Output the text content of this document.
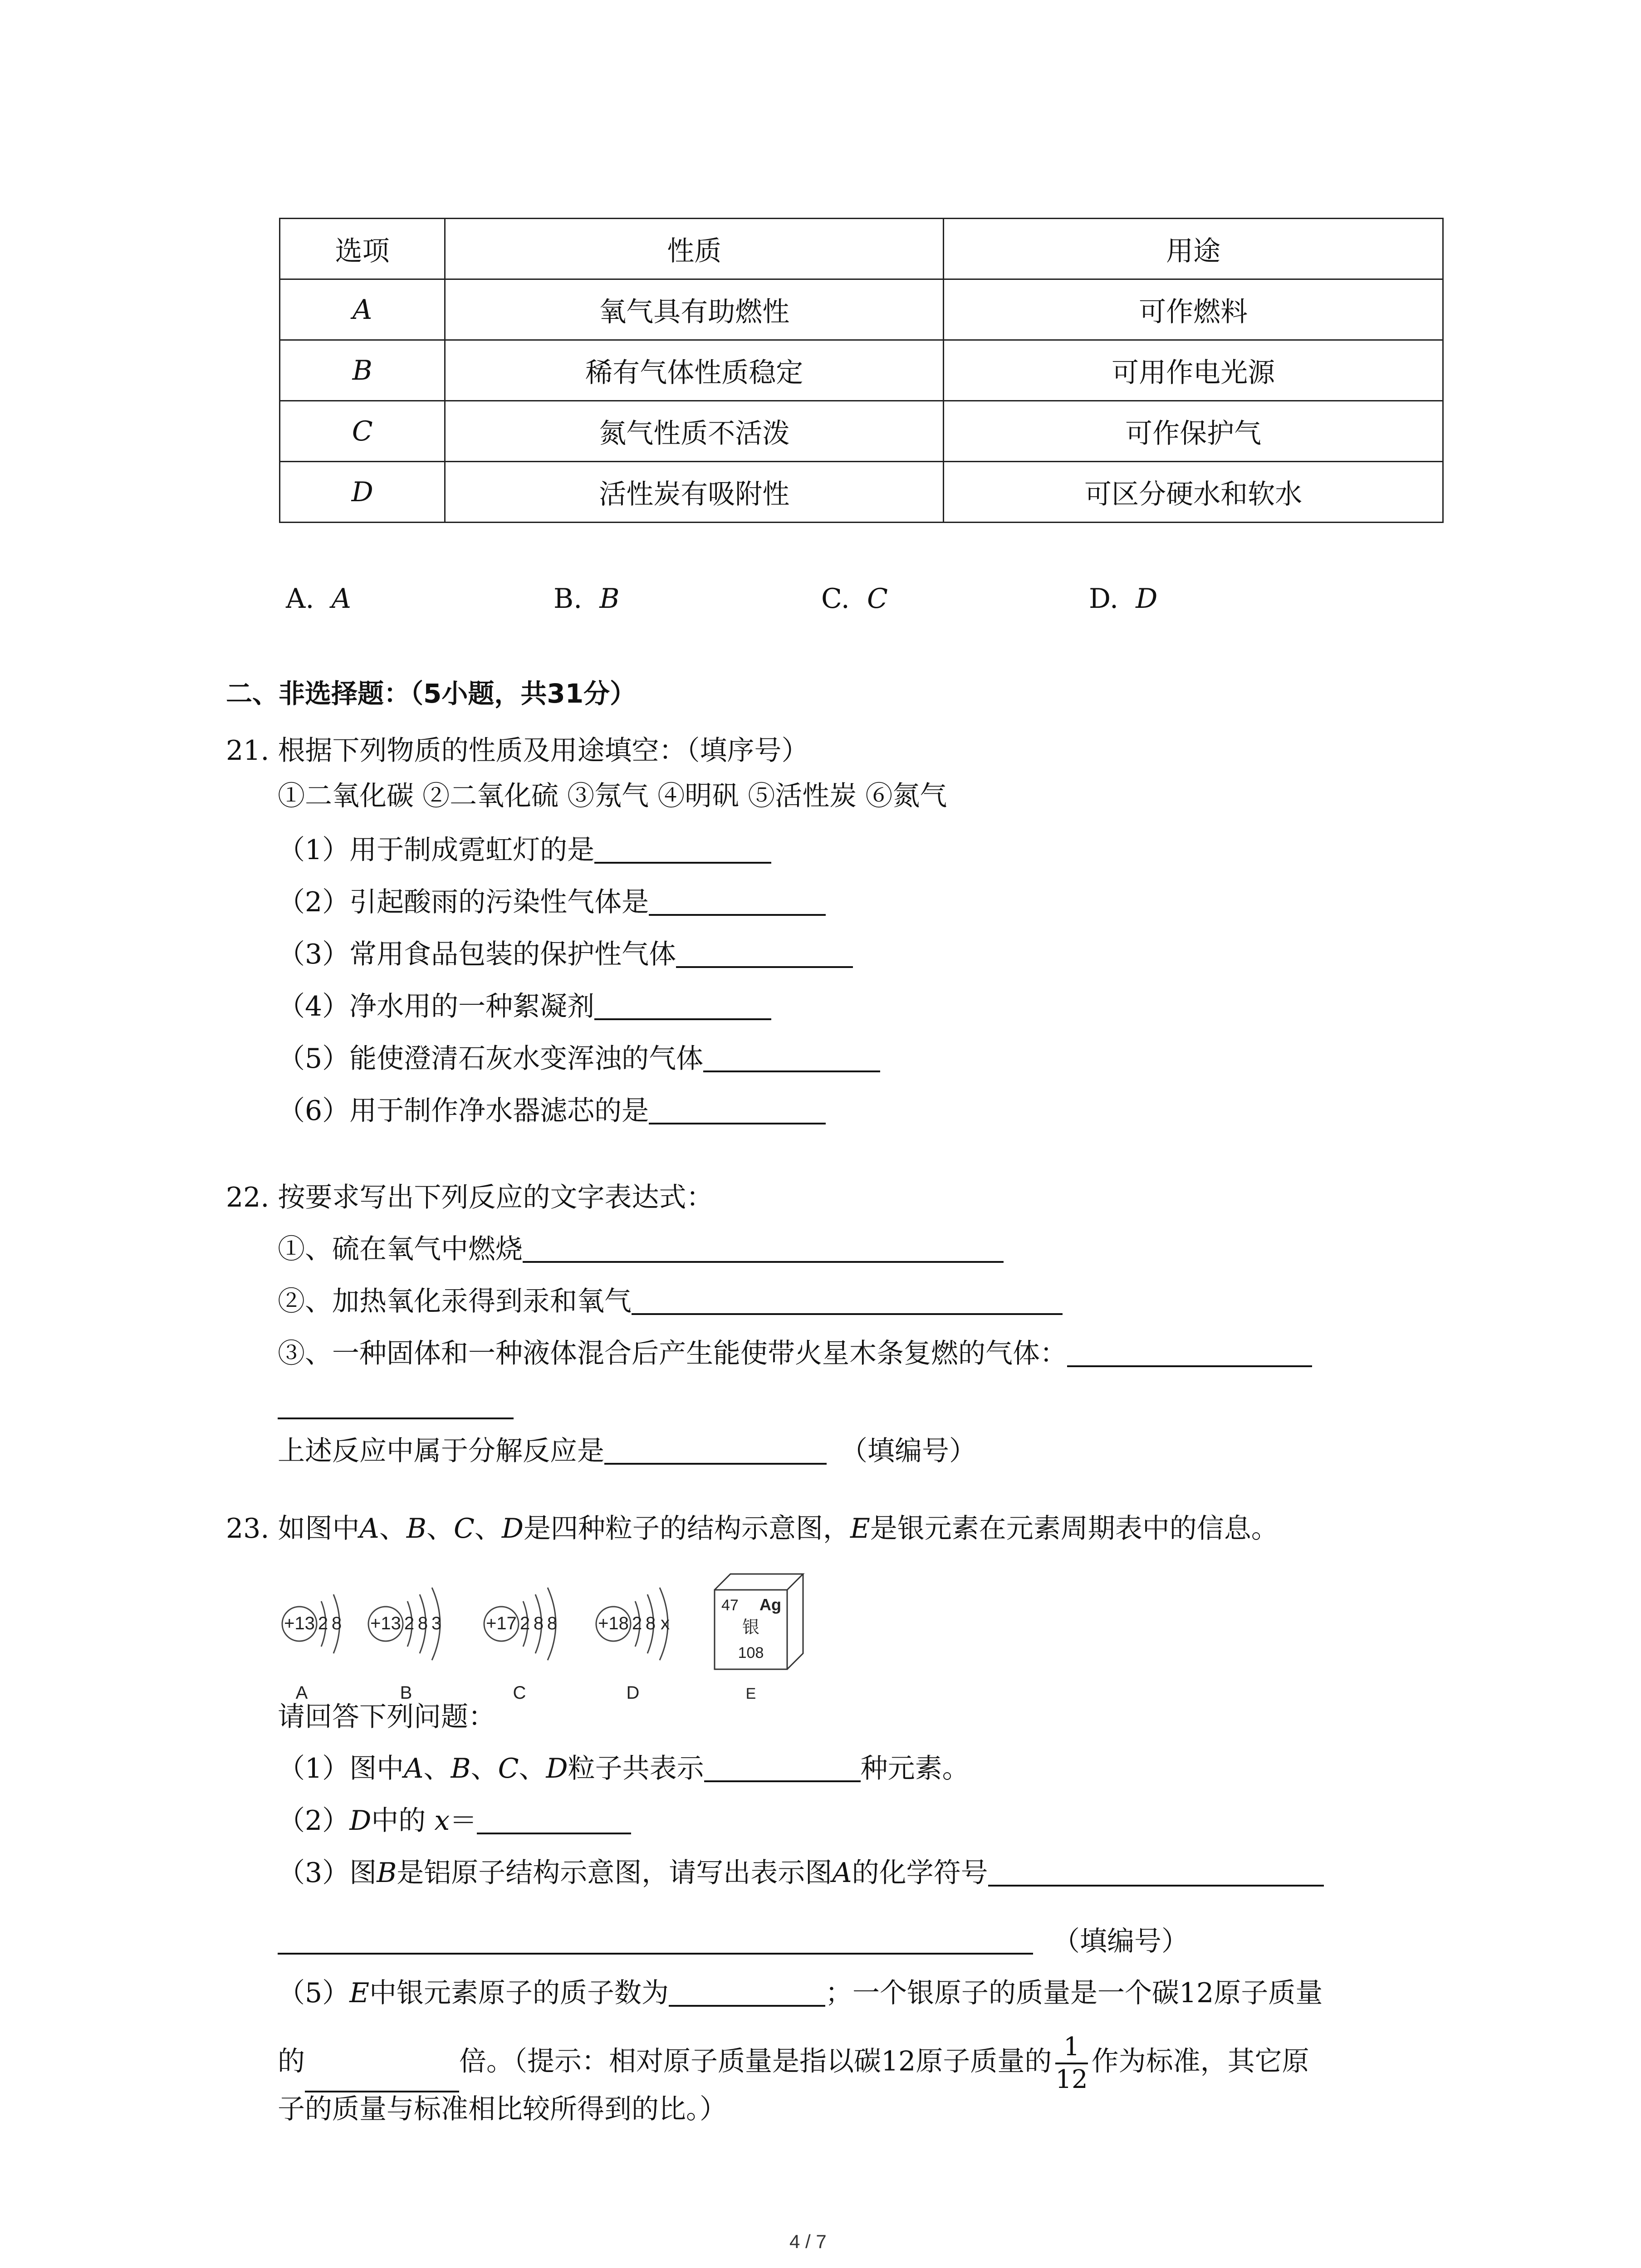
选项	性质	用途
A	氧气具有助燃性	可作燃料
B	稀有气体性质稳定	可用作电光源
C	氮气性质不活泼	可作保护气
D	活性炭有吸附性	可区分硬水和软水
A. A	B. B	C. C	D. D
二、非选择题：（5小题，共31分）
21. 根据下列物质的性质及用途填空：（填序号）
①二氧化碳 ②二氧化硫 ③氖气 ④明矾 ⑤活性炭 ⑥氮气
（1）用于制成霓虹灯的是
（2）引起酸雨的污染性气体是
（3）常用食品包装的保护性气体
（4）净水用的一种絮凝剂
（5）能使澄清石灰水变浑浊的气体
（6）用于制作净水器滤芯的是
22. 按要求写出下列反应的文字表达式：
①、硫在氧气中燃烧
②、加热氧化汞得到汞和氧气
③、一种固体和一种液体混合后产生能使带火星木条复燃的气体：
上述反应中属于分解反应是	（填编号）
23. 如图中A、B、C、D是四种粒子的结构示意图，E是银元素在元素周期表中的信息。
+13 2 8 +13 2 8 3 +17 2 8 8 +18 2 8 x
A	B	C	D
47 Ag
银
108
E
请回答下列问题：
（1）图中A、B、C、D粒子共表示	种元素。
（2）D中的 x＝
（3）图B是铝原子结构示意图，请写出表示图A的化学符号
（填编号）
（5）E中银元素原子的质子数为	；一个银原子的质量是一个碳12原子质量
的	倍。（提示：相对原子质量是指以碳12原子质量的 $\frac{1}{12}$ 作为标准，其它原
子的质量与标准相比较所得到的比。）
4 / 7
